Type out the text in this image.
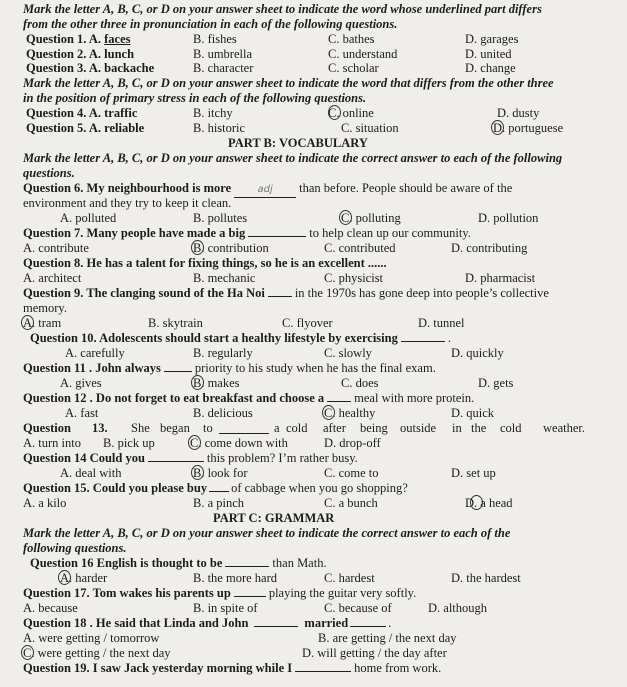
Mark the letter A, B, C, or D on your answer sheet to indicate the word whose underlined part differs
from the other three in pronunciation in each of the following questions.
Question 1. A. faces	B. fishes	C. bathes	D. garages
Question 2. A. lunch	B. umbrella	C. understand	D. united
Question 3. A. backache	B. character	C. scholar	D. change
Mark the letter A, B, C, or D on your answer sheet to indicate the word that differs from the other three
in the position of primary stress in each of the following questions.
Question 4. A. traffic	B. itchy	C. online	D. dusty
Question 5. A. reliable	B. historic	C. situation	D. portuguese
PART B: VOCABULARY
Mark the letter A, B, C, or D on your answer sheet to indicate the correct answer to each of the following
questions.
Question 6. My neighbourhood is more	adj than before. People should be aware of the
environment and they try to keep it clean.
A. polluted	B. pollutes	C. polluting	D. pollution
Question 7. Many people have made a big	to help clean up our community.
A. contribute	B. contribution	C. contributed	D. contributing
Question 8. He has a talent for fixing things, so he is an excellent ......
A. architect	B. mechanic	C. physicist	D. pharmacist
Question 9. The clanging sound of the Ha Noi in the 1970s has gone deep into people’s collective
memory.
A. tram	B. skytrain	C. flyover	D. tunnel
Question 10. Adolescents should start a healthy lifestyle by exercising	.
A. carefully	B. regularly	C. slowly	D. quickly
Question 11 . John always	priority to his study when he has the final exam.
A. gives	B. makes	C. does	D. gets
Question 12 . Do not forget to eat breakfast and choose a meal with more protein.
A. fast	B. delicious	C. healthy	D. quick
Question 13. She began to	a cold after being outside in the cold weather.
A. turn into B. pick up	C. come down with	D. drop-off
Question 14 Could you	this problem? I’m rather busy.
A. deal with	B. look for	C. come to	D. set up
Question 15. Could you please buy of cabbage when you go shopping?
A. a kilo	B. a pinch	C. a bunch	D. a head
PART C: GRAMMAR
Mark the letter A, B, C, or D on your answer sheet to indicate the correct answer to each of the
following questions.
Question 16 English is thought to be	than Math.
A. harder	B. the more hard	C. hardest	D. the hardest
Question 17. Tom wakes his parents up	playing the guitar very softly.
A. because	B. in spite of	C. because of	D. although
Question 18 . He said that Linda and John	married	.
A. were getting / tomorrow	B. are getting / the next day
C. were getting / the next day	D. will getting / the day after
Question 19. I saw Jack yesterday morning while I	home from work.
